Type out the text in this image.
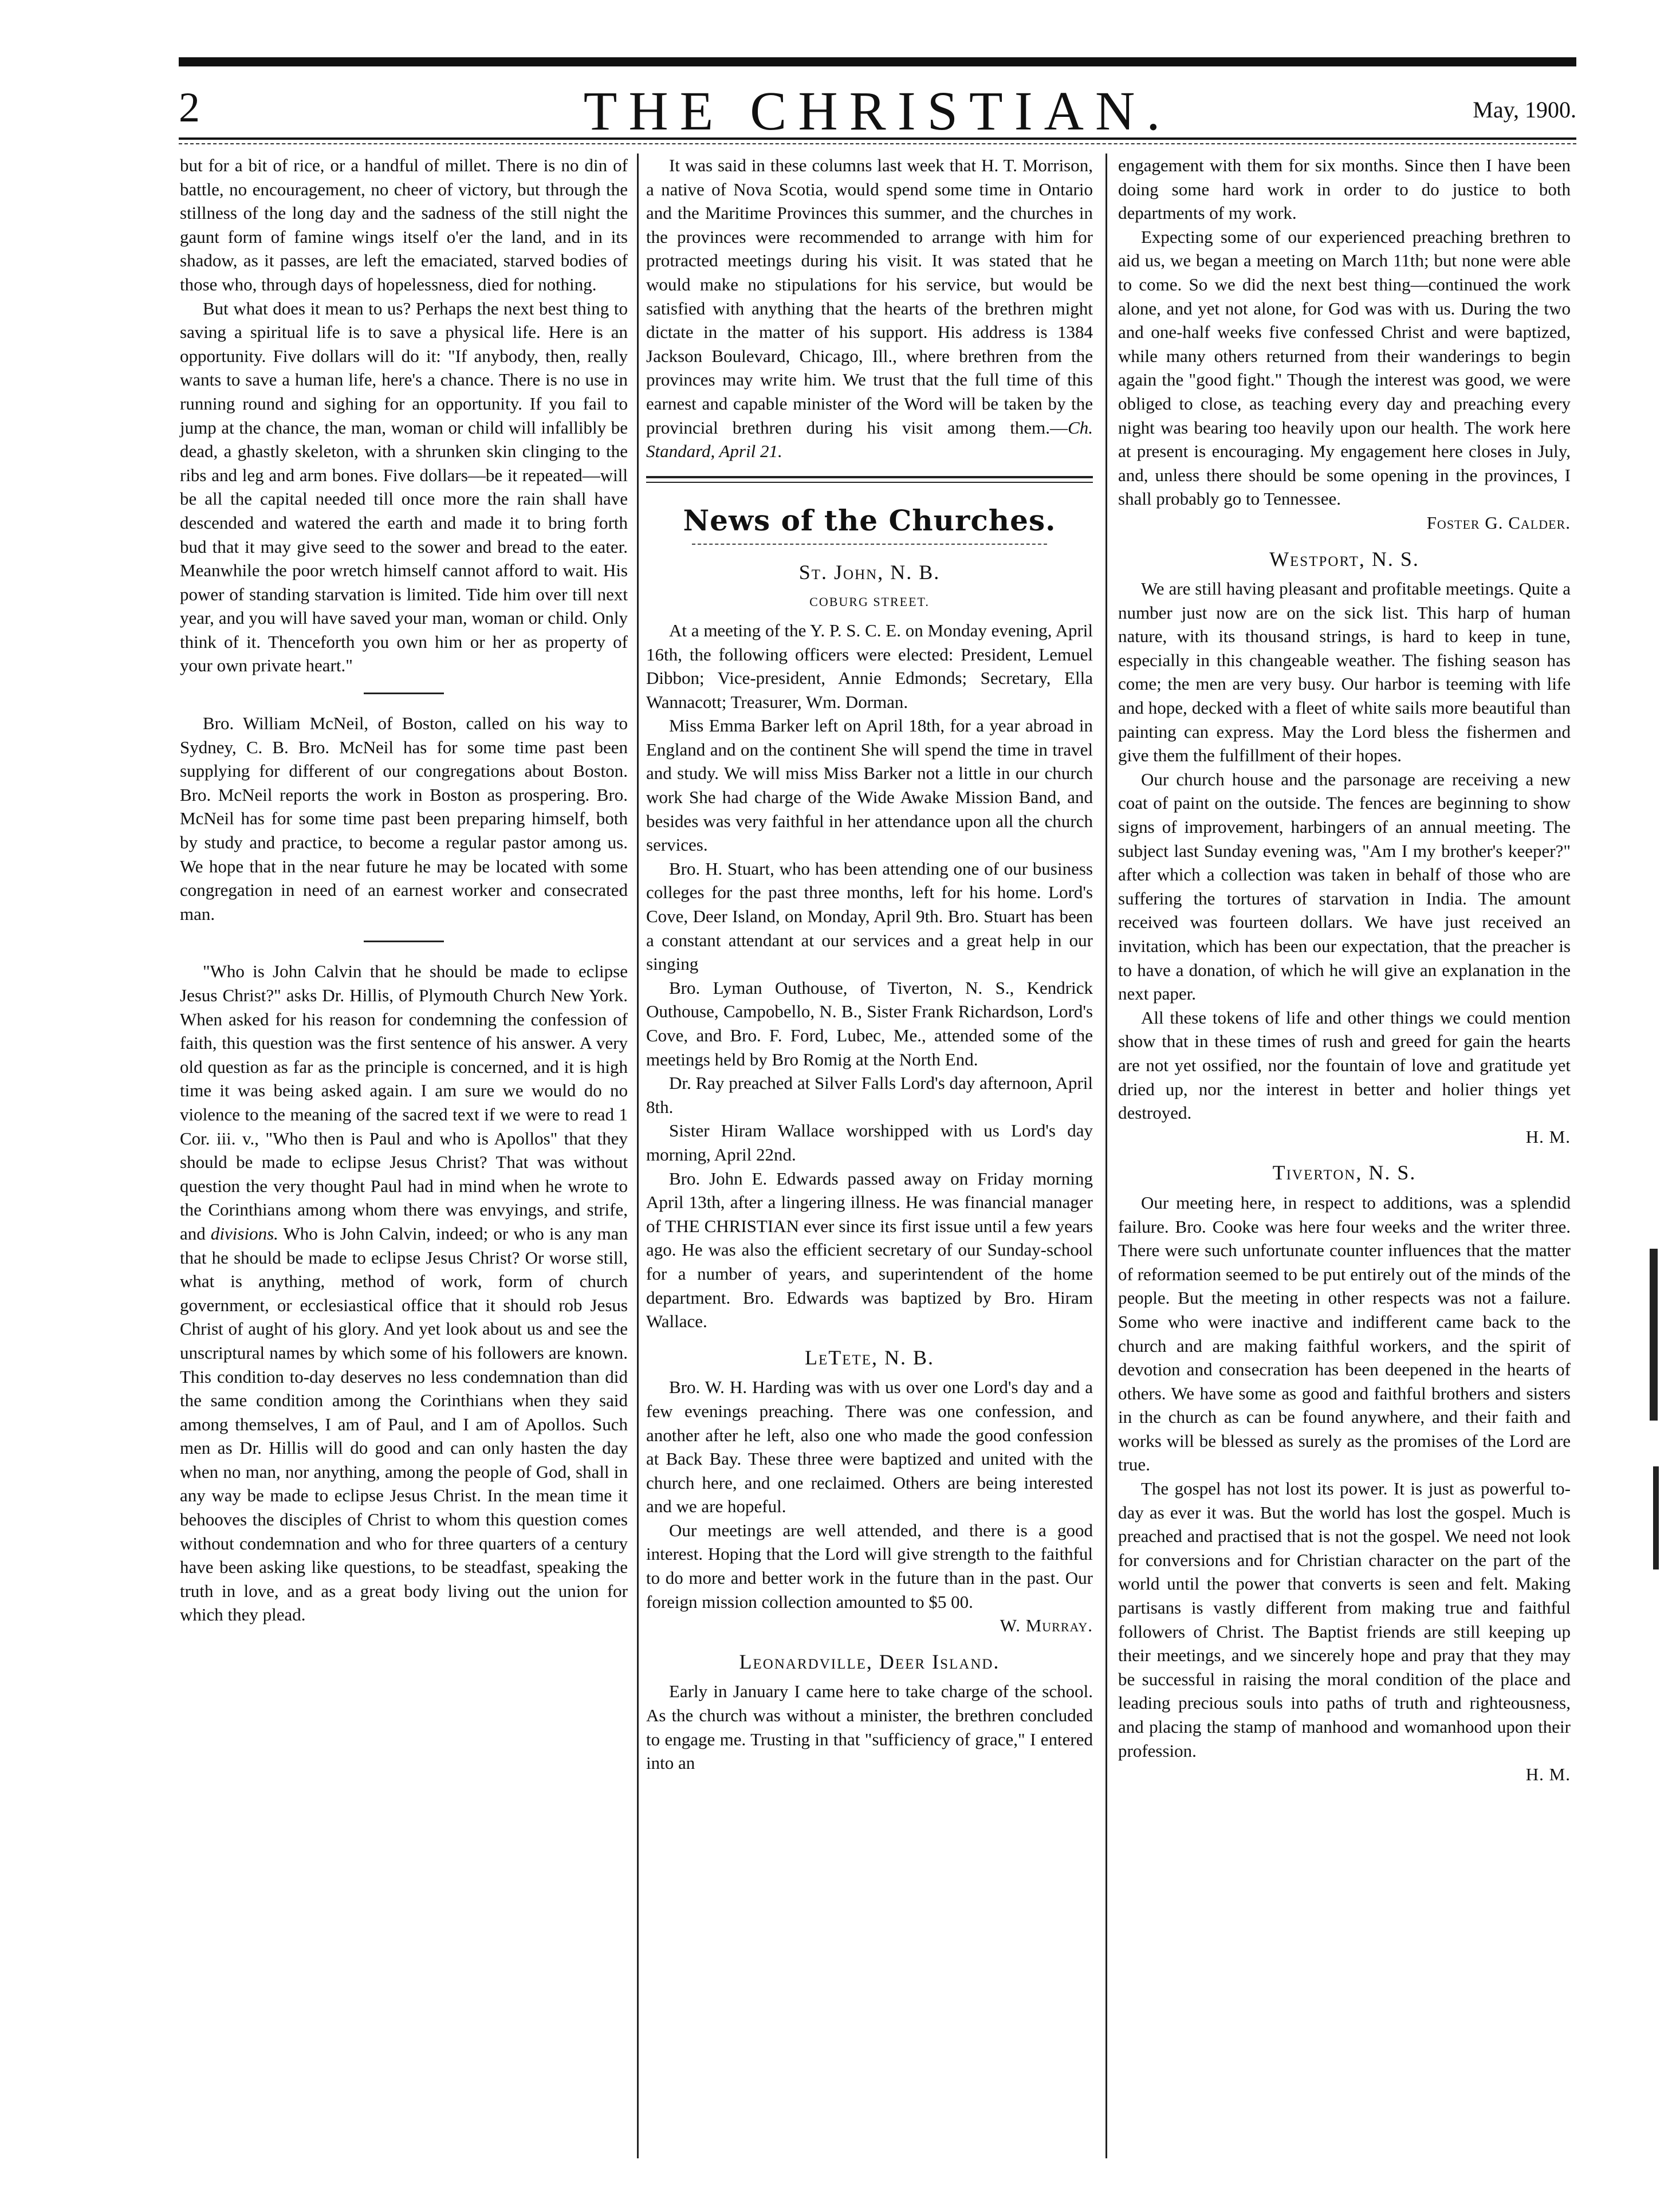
2	THE CHRISTIAN.	May, 1900.

but for a bit of rice, or a handful of millet. There is no din of battle, no encouragement, no cheer of victory, but through the stillness of the long day and the sadness of the still night the gaunt form of famine wings itself o'er the land, and in its shadow, as it passes, are left the emaciated, starved bodies of those who, through days of hopelessness, died for nothing.

But what does it mean to us? Perhaps the next best thing to saving a spiritual life is to save a physical life. Here is an opportunity. Five dollars will do it: "If anybody, then, really wants to save a human life, here's a chance. There is no use in running round and sighing for an opportunity. If you fail to jump at the chance, the man, woman or child will infallibly be dead, a ghastly skeleton, with a shrunken skin clinging to the ribs and leg and arm bones. Five dollars—be it repeated—will be all the capital needed till once more the rain shall have descended and watered the earth and made it to bring forth bud that it may give seed to the sower and bread to the eater. Meanwhile the poor wretch himself cannot afford to wait. His power of standing starvation is limited. Tide him over till next year, and you will have saved your man, woman or child. Only think of it. Thenceforth you own him or her as property of your own private heart."

Bro. William McNeil, of Boston, called on his way to Sydney, C. B. Bro. McNeil has for some time past been supplying for different of our congregations about Boston. Bro. McNeil reports the work in Boston as prospering. Bro. McNeil has for some time past been preparing himself, both by study and practice, to become a regular pastor among us. We hope that in the near future he may be located with some congregation in need of an earnest worker and consecrated man.

"Who is John Calvin that he should be made to eclipse Jesus Christ?" asks Dr. Hillis, of Plymouth Church New York. When asked for his reason for condemning the confession of faith, this question was the first sentence of his answer. A very old question as far as the principle is concerned, and it is high time it was being asked again. I am sure we would do no violence to the meaning of the sacred text if we were to read 1 Cor. iii. v., "Who then is Paul and who is Apollos" that they should be made to eclipse Jesus Christ? That was without question the very thought Paul had in mind when he wrote to the Corinthians among whom there was envyings, and strife, and divisions. Who is John Calvin, indeed; or who is any man that he should be made to eclipse Jesus Christ? Or worse still, what is anything, method of work, form of church government, or ecclesiastical office that it should rob Jesus Christ of aught of his glory. And yet look about us and see the unscriptural names by which some of his followers are known. This condition to-day deserves no less condemnation than did the same condition among the Corinthians when they said among themselves, I am of Paul, and I am of Apollos. Such men as Dr. Hillis will do good and can only hasten the day when no man, nor anything, among the people of God, shall in any way be made to eclipse Jesus Christ. In the mean time it behooves the disciples of Christ to whom this question comes without condemnation and who for three quarters of a century have been asking like questions, to be steadfast, speaking the truth in love, and as a great body living out the union for which they plead.

It was said in these columns last week that H. T. Morrison, a native of Nova Scotia, would spend some time in Ontario and the Maritime Provinces this summer, and the churches in the provinces were recommended to arrange with him for protracted meetings during his visit. It was stated that he would make no stipulations for his service, but would be satisfied with anything that the hearts of the brethren might dictate in the matter of his support. His address is 1384 Jackson Boulevard, Chicago, Ill., where brethren from the provinces may write him. We trust that the full time of this earnest and capable minister of the Word will be taken by the provincial brethren during his visit among them.—Ch. Standard, April 21.

News of the Churches.
St. John, N. B.
COBURG STREET.

At a meeting of the Y. P. S. C. E. on Monday evening, April 16th, the following officers were elected: President, Lemuel Dibbon; Vice-president, Annie Edmonds; Secretary, Ella Wannacott; Treasurer, Wm. Dorman.

Miss Emma Barker left on April 18th, for a year abroad in England and on the continent She will spend the time in travel and study. We will miss Miss Barker not a little in our church work She had charge of the Wide Awake Mission Band, and besides was very faithful in her attendance upon all the church services.

Bro. H. Stuart, who has been attending one of our business colleges for the past three months, left for his home. Lord's Cove, Deer Island, on Monday, April 9th. Bro. Stuart has been a constant attendant at our services and a great help in our singing

Bro. Lyman Outhouse, of Tiverton, N. S., Kendrick Outhouse, Campobello, N. B., Sister Frank Richardson, Lord's Cove, and Bro. F. Ford, Lubec, Me., attended some of the meetings held by Bro Romig at the North End.

Dr. Ray preached at Silver Falls Lord's day afternoon, April 8th.

Sister Hiram Wallace worshipped with us Lord's day morning, April 22nd.

Bro. John E. Edwards passed away on Friday morning April 13th, after a lingering illness. He was financial manager of THE CHRISTIAN ever since its first issue until a few years ago. He was also the efficient secretary of our Sunday-school for a number of years, and superintendent of the home department. Bro. Edwards was baptized by Bro. Hiram Wallace.

LeTete, N. B.

Bro. W. H. Harding was with us over one Lord's day and a few evenings preaching. There was one confession, and another after he left, also one who made the good confession at Back Bay. These three were baptized and united with the church here, and one reclaimed. Others are being interested and we are hopeful.

Our meetings are well attended, and there is a good interest. Hoping that the Lord will give strength to the faithful to do more and better work in the future than in the past. Our foreign mission collection amounted to $5 00.

W. Murray.

Leonardville, Deer Island.

Early in January I came here to take charge of the school. As the church was without a minister, the brethren concluded to engage me. Trusting in that "sufficiency of grace," I entered into an

engagement with them for six months. Since then I have been doing some hard work in order to do justice to both departments of my work.

Expecting some of our experienced preaching brethren to aid us, we began a meeting on March 11th; but none were able to come. So we did the next best thing—continued the work alone, and yet not alone, for God was with us. During the two and one-half weeks five confessed Christ and were baptized, while many others returned from their wanderings to begin again the "good fight." Though the interest was good, we were obliged to close, as teaching every day and preaching every night was bearing too heavily upon our health. The work here at present is encouraging. My engagement here closes in July, and, unless there should be some opening in the provinces, I shall probably go to Tennessee.

Foster G. Calder.

Westport, N. S.

We are still having pleasant and profitable meetings. Quite a number just now are on the sick list. This harp of human nature, with its thousand strings, is hard to keep in tune, especially in this changeable weather. The fishing season has come; the men are very busy. Our harbor is teeming with life and hope, decked with a fleet of white sails more beautiful than painting can express. May the Lord bless the fishermen and give them the fulfillment of their hopes.

Our church house and the parsonage are receiving a new coat of paint on the outside. The fences are beginning to show signs of improvement, harbingers of an annual meeting. The subject last Sunday evening was, "Am I my brother's keeper?" after which a collection was taken in behalf of those who are suffering the tortures of starvation in India. The amount received was fourteen dollars. We have just received an invitation, which has been our expectation, that the preacher is to have a donation, of which he will give an explanation in the next paper.

All these tokens of life and other things we could mention show that in these times of rush and greed for gain the hearts are not yet ossified, nor the fountain of love and gratitude yet dried up, nor the interest in better and holier things yet destroyed.

H. M.

Tiverton, N. S.

Our meeting here, in respect to additions, was a splendid failure. Bro. Cooke was here four weeks and the writer three. There were such unfortunate counter influences that the matter of reformation seemed to be put entirely out of the minds of the people. But the meeting in other respects was not a failure. Some who were inactive and indifferent came back to the church and are making faithful workers, and the spirit of devotion and consecration has been deepened in the hearts of others. We have some as good and faithful brothers and sisters in the church as can be found anywhere, and their faith and works will be blessed as surely as the promises of the Lord are true.

The gospel has not lost its power. It is just as powerful to-day as ever it was. But the world has lost the gospel. Much is preached and practised that is not the gospel. We need not look for conversions and for Christian character on the part of the world until the power that converts is seen and felt. Making partisans is vastly different from making true and faithful followers of Christ. The Baptist friends are still keeping up their meetings, and we sincerely hope and pray that they may be successful in raising the moral condition of the place and leading precious souls into paths of truth and righteousness, and placing the stamp of manhood and womanhood upon their profession.

H. M.
